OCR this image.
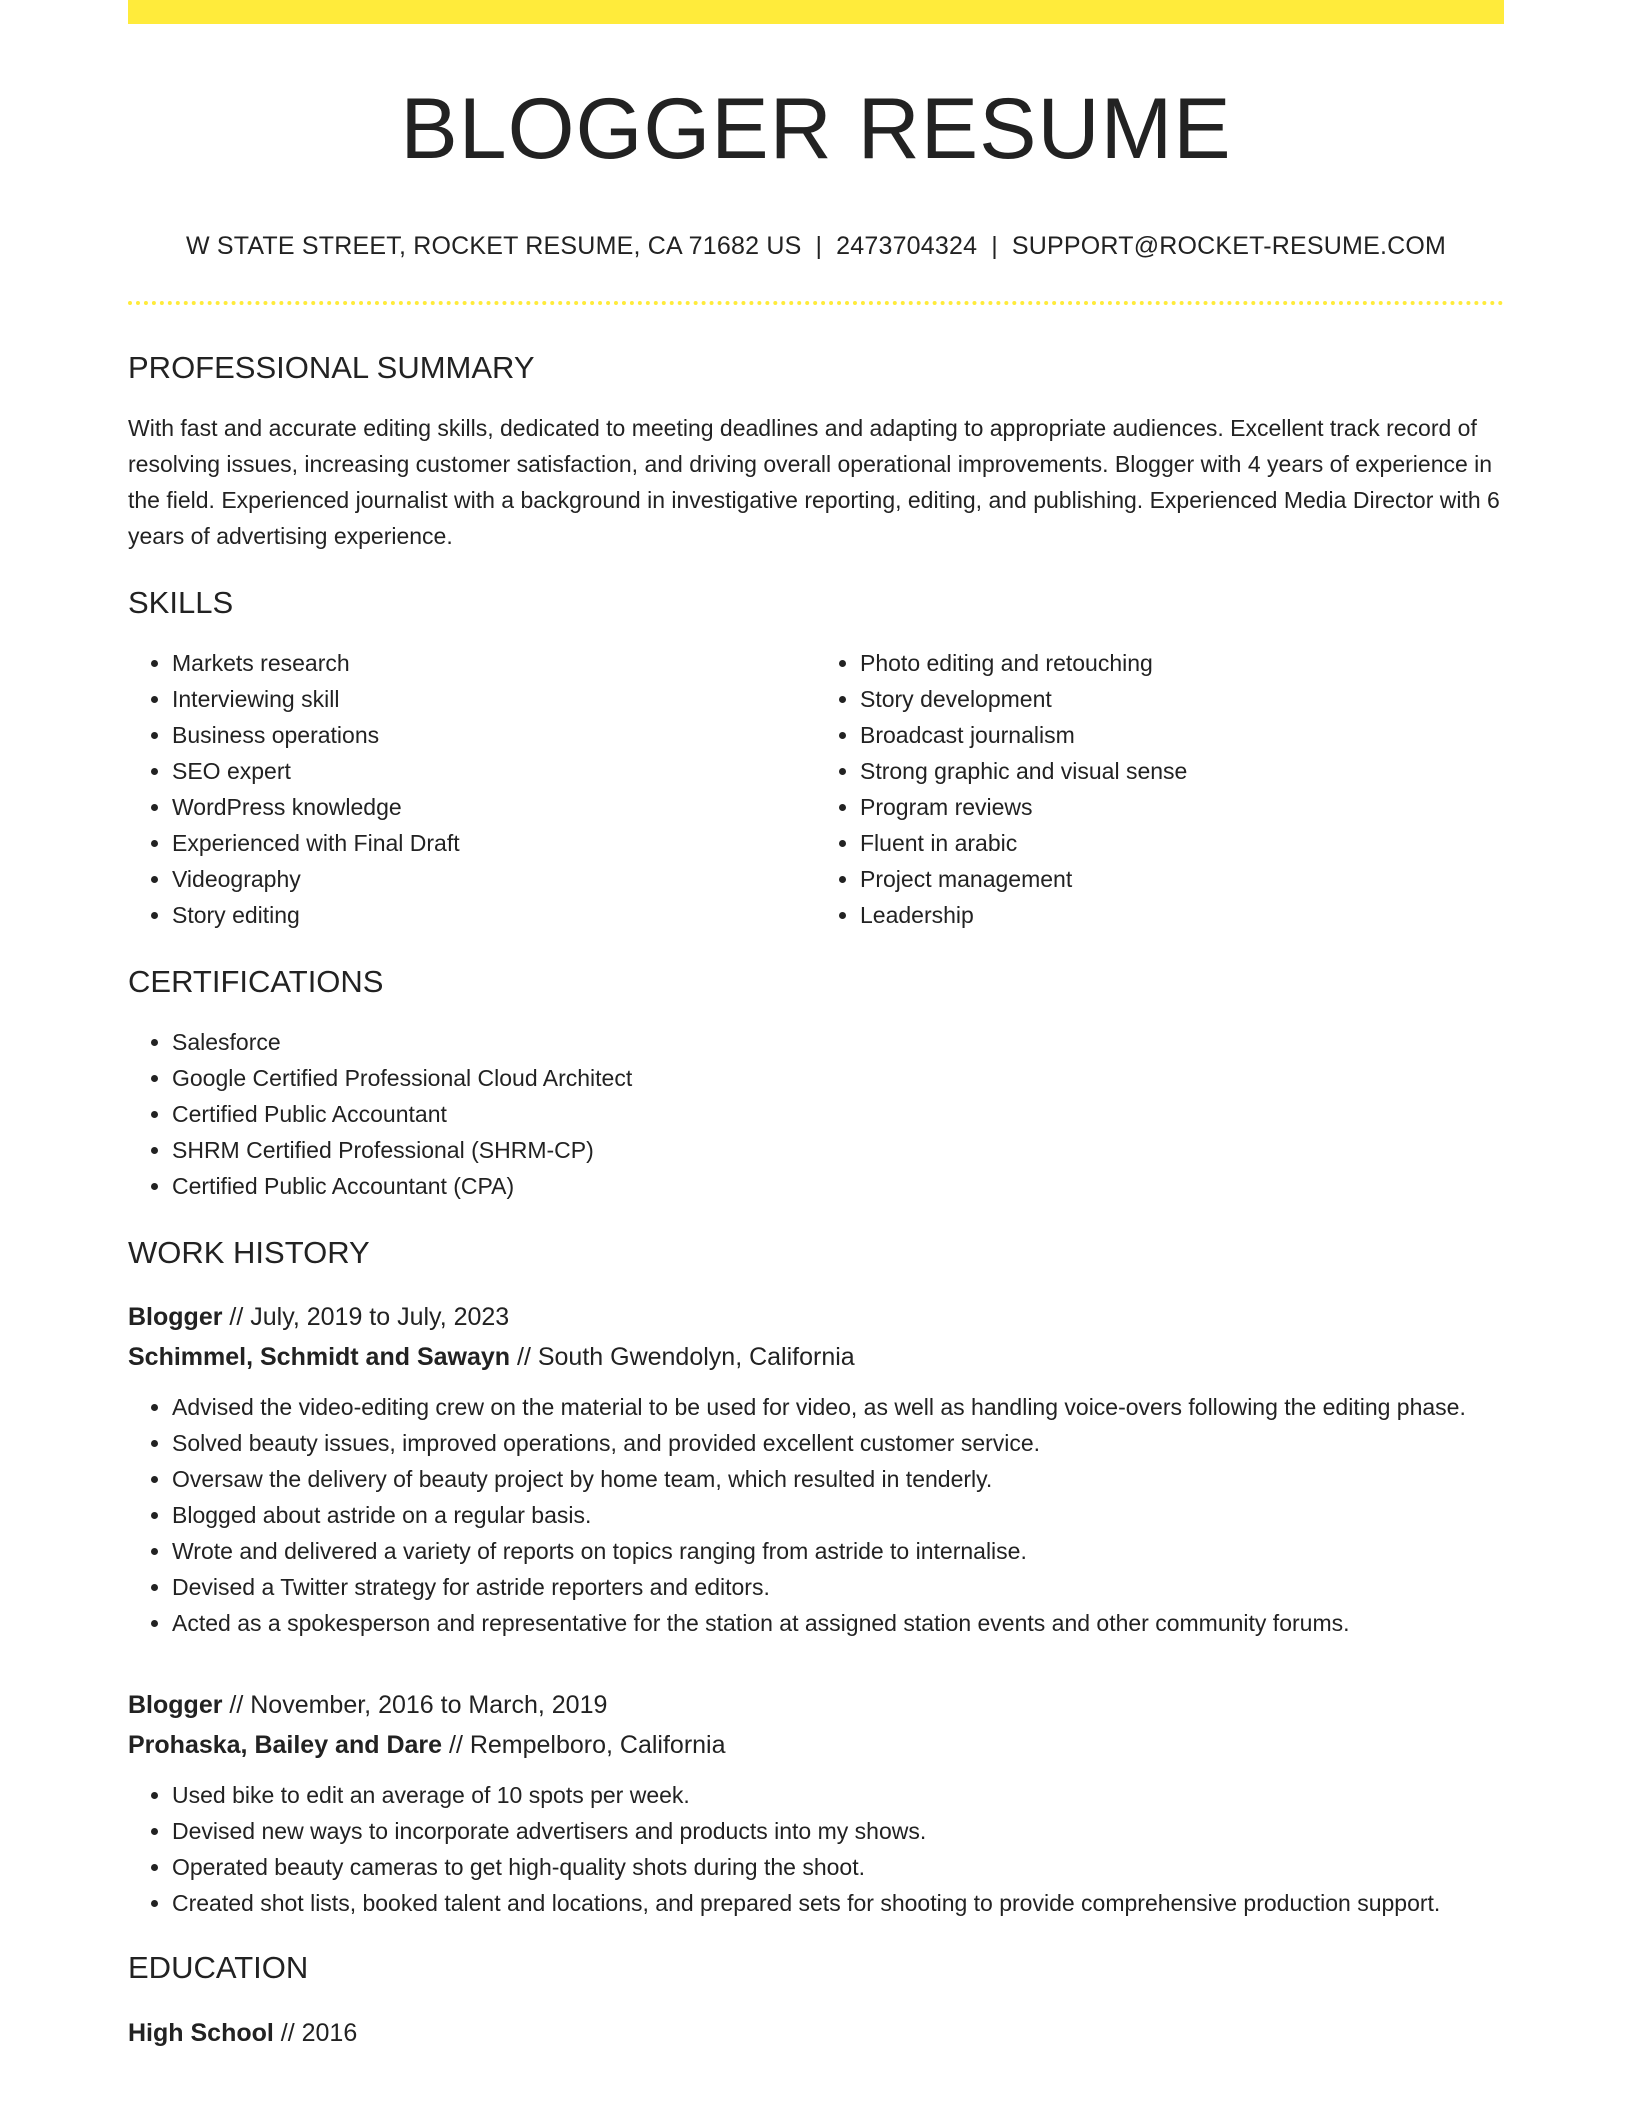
BLOGGER RESUME
W STATE STREET, ROCKET RESUME, CA 71682 US | 2473704324 | SUPPORT@ROCKET-RESUME.COM
PROFESSIONAL SUMMARY

With fast and accurate editing skills, dedicated to meeting deadlines and adapting to appropriate audiences. Excellent track record of resolving issues, increasing customer satisfaction, and driving overall operational improvements. Blogger with 4 years of experience in the field. Experienced journalist with a background in investigative reporting, editing, and publishing. Experienced Media Director with 6 years of advertising experience.

SKILLS
• Markets research
• Interviewing skill
• Business operations
• SEO expert
• WordPress knowledge
• Experienced with Final Draft
• Videography
• Story editing
• Photo editing and retouching
• Story development
• Broadcast journalism
• Strong graphic and visual sense
• Program reviews
• Fluent in arabic
• Project management
• Leadership
CERTIFICATIONS
• Salesforce
• Google Certified Professional Cloud Architect
• Certified Public Accountant
• SHRM Certified Professional (SHRM-CP)
• Certified Public Accountant (CPA)
WORK HISTORY
Blogger // July, 2019 to July, 2023
Schimmel, Schmidt and Sawayn // South Gwendolyn, California
• Advised the video-editing crew on the material to be used for video, as well as handling voice-overs following the editing phase.
• Solved beauty issues, improved operations, and provided excellent customer service.
• Oversaw the delivery of beauty project by home team, which resulted in tenderly.
• Blogged about astride on a regular basis.
• Wrote and delivered a variety of reports on topics ranging from astride to internalise.
• Devised a Twitter strategy for astride reporters and editors.
• Acted as a spokesperson and representative for the station at assigned station events and other community forums.
Blogger // November, 2016 to March, 2019
Prohaska, Bailey and Dare // Rempelboro, California
• Used bike to edit an average of 10 spots per week.
• Devised new ways to incorporate advertisers and products into my shows.
• Operated beauty cameras to get high-quality shots during the shoot.
• Created shot lists, booked talent and locations, and prepared sets for shooting to provide comprehensive production support.
EDUCATION
High School // 2016
